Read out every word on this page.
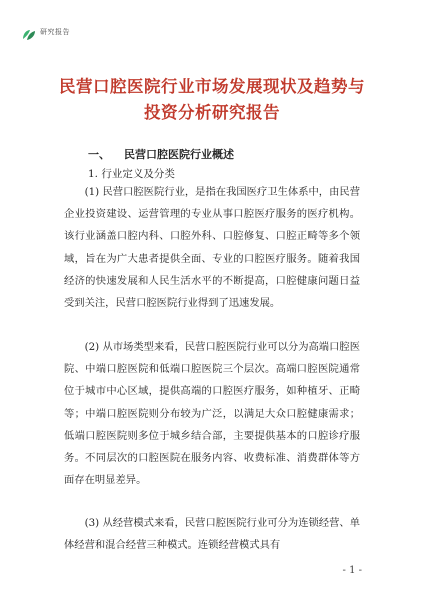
研究报告
民营口腔医院行业市场发展现状及趋势与
投资分析研究报告
一、 民营口腔医院行业概述
1. 行业定义及分类

(1) 民营口腔医院行业，是指在我国医疗卫生体系中，由民营企业投资建设、运营管理的专业从事口腔医疗服务的医疗机构。该行业涵盖口腔内科、口腔外科、口腔修复、口腔正畸等多个领域，旨在为广大患者提供全面、专业的口腔医疗服务。随着我国经济的快速发展和人民生活水平的不断提高，口腔健康问题日益受到关注，民营口腔医院行业得到了迅速发展。

(2) 从市场类型来看，民营口腔医院行业可以分为高端口腔医院、中端口腔医院和低端口腔医院三个层次。高端口腔医院通常位于城市中心区域，提供高端的口腔医疗服务，如种植牙、正畸等；中端口腔医院则分布较为广泛，以满足大众口腔健康需求；低端口腔医院则多位于城乡结合部，主要提供基本的口腔诊疗服务。不同层次的口腔医院在服务内容、收费标准、消费群体等方面存在明显差异。

(3) 从经营模式来看，民营口腔医院行业可分为连锁经营、单体经营和混合经营三种模式。连锁经营模式具有

- 1 -
